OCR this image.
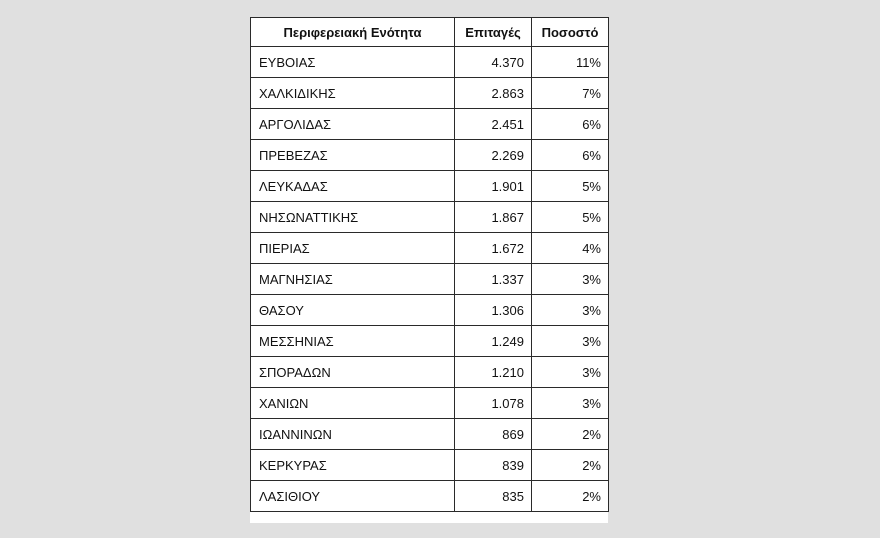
Περιφερειακή Ενότητα	Επιταγές	Ποσοστό
ΕΥΒΟΙΑΣ	4.370	11%
ΧΑΛΚΙΔΙΚΗΣ	2.863	7%
ΑΡΓΟΛΙΔΑΣ	2.451	6%
ΠΡΕΒΕΖΑΣ	2.269	6%
ΛΕΥΚΑΔΑΣ	1.901	5%
ΝΗΣΩΝΑΤΤΙΚΗΣ	1.867	5%
ΠΙΕΡΙΑΣ	1.672	4%
ΜΑΓΝΗΣΙΑΣ	1.337	3%
ΘΑΣΟΥ	1.306	3%
ΜΕΣΣΗΝΙΑΣ	1.249	3%
ΣΠΟΡΑΔΩΝ	1.210	3%
ΧΑΝΙΩΝ	1.078	3%
ΙΩΑΝΝΙΝΩΝ	869	2%
ΚΕΡΚΥΡΑΣ	839	2%
ΛΑΣΙΘΙΟΥ	835	2%
